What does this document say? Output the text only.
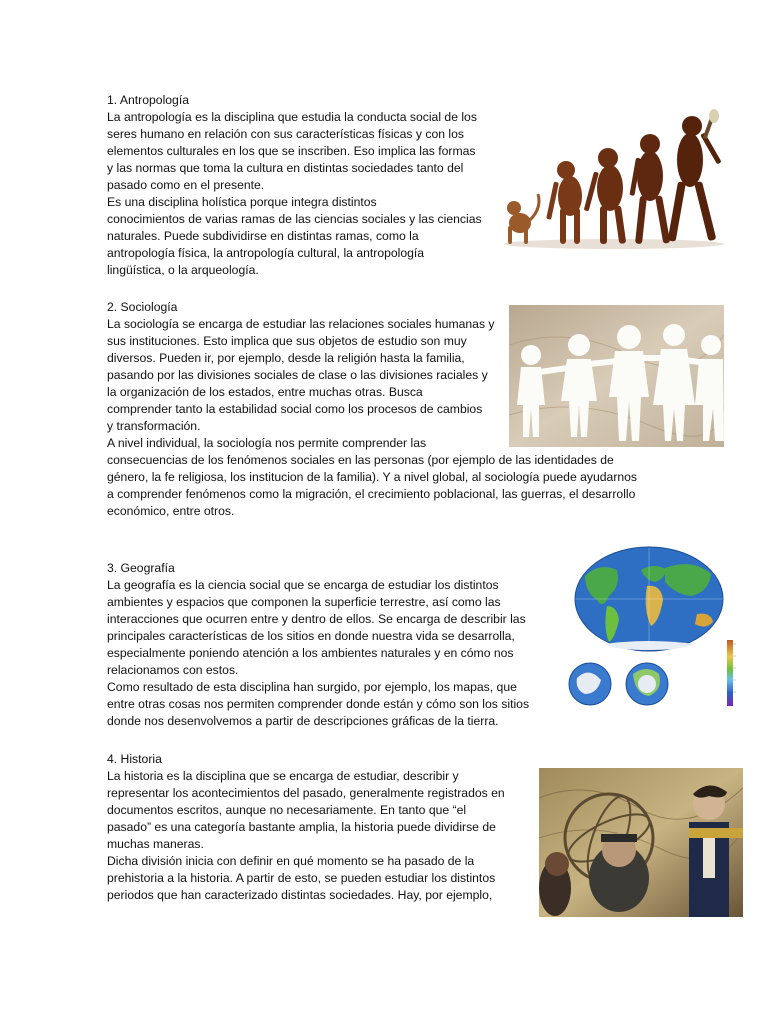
1. Antropología

La antropología es la disciplina que estudia la conducta social de los

seres humano en relación con sus características físicas y con los

elementos culturales en los que se inscriben. Eso implica las formas

y las normas que toma la cultura en distintas sociedades tanto del

pasado como en el presente.

Es una disciplina holística porque integra distintos

conocimientos de varias ramas de las ciencias sociales y las ciencias

naturales. Puede subdividirse en distintas ramas, como la

antropología física, la antropología cultural, la antropología

lingüística, o la arqueología.

2. Sociología

La sociología se encarga de estudiar las relaciones sociales humanas y

sus instituciones. Esto implica que sus objetos de estudio son muy

diversos. Pueden ir, por ejemplo, desde la religión hasta la familia,

pasando por las divisiones sociales de clase o las divisiones raciales y

la organización de los estados, entre muchas otras. Busca

comprender tanto la estabilidad social como los procesos de cambios

y transformación.

A nivel individual, la sociología nos permite comprender las

consecuencias de los fenómenos sociales en las personas (por ejemplo de las identidades de

género, la fe religiosa, los institucion de la familia). Y a nivel global, al sociología puede ayudarnos

a comprender fenómenos como la migración, el crecimiento poblacional, las guerras, el desarrollo

económico, entre otros.

3. Geografía

La geografía es la ciencia social que se encarga de estudiar los distintos

ambientes y espacios que componen la superficie terrestre, así como las

interacciones que ocurren entre y dentro de ellos. Se encarga de describir las

principales características de los sitios en donde nuestra vida se desarrolla,

especialmente poniendo atención a los ambientes naturales y en cómo nos

relacionamos con estos.

Como resultado de esta disciplina han surgido, por ejemplo, los mapas, que

entre otras cosas nos permiten comprender donde están y cómo son los sitios

donde nos desenvolvemos a partir de descripciones gráficas de la tierra.

4. Historia

La historia es la disciplina que se encarga de estudiar, describir y

representar los acontecimientos del pasado, generalmente registrados en

documentos escritos, aunque no necesariamente. En tanto que “el

pasado” es una categoría bastante amplia, la historia puede dividirse de

muchas maneras.

Dicha división inicia con definir en qué momento se ha pasado de la

prehistoria a la historia. A partir de esto, se pueden estudiar los distintos

periodos que han caracterizado distintas sociedades. Hay, por ejemplo,
